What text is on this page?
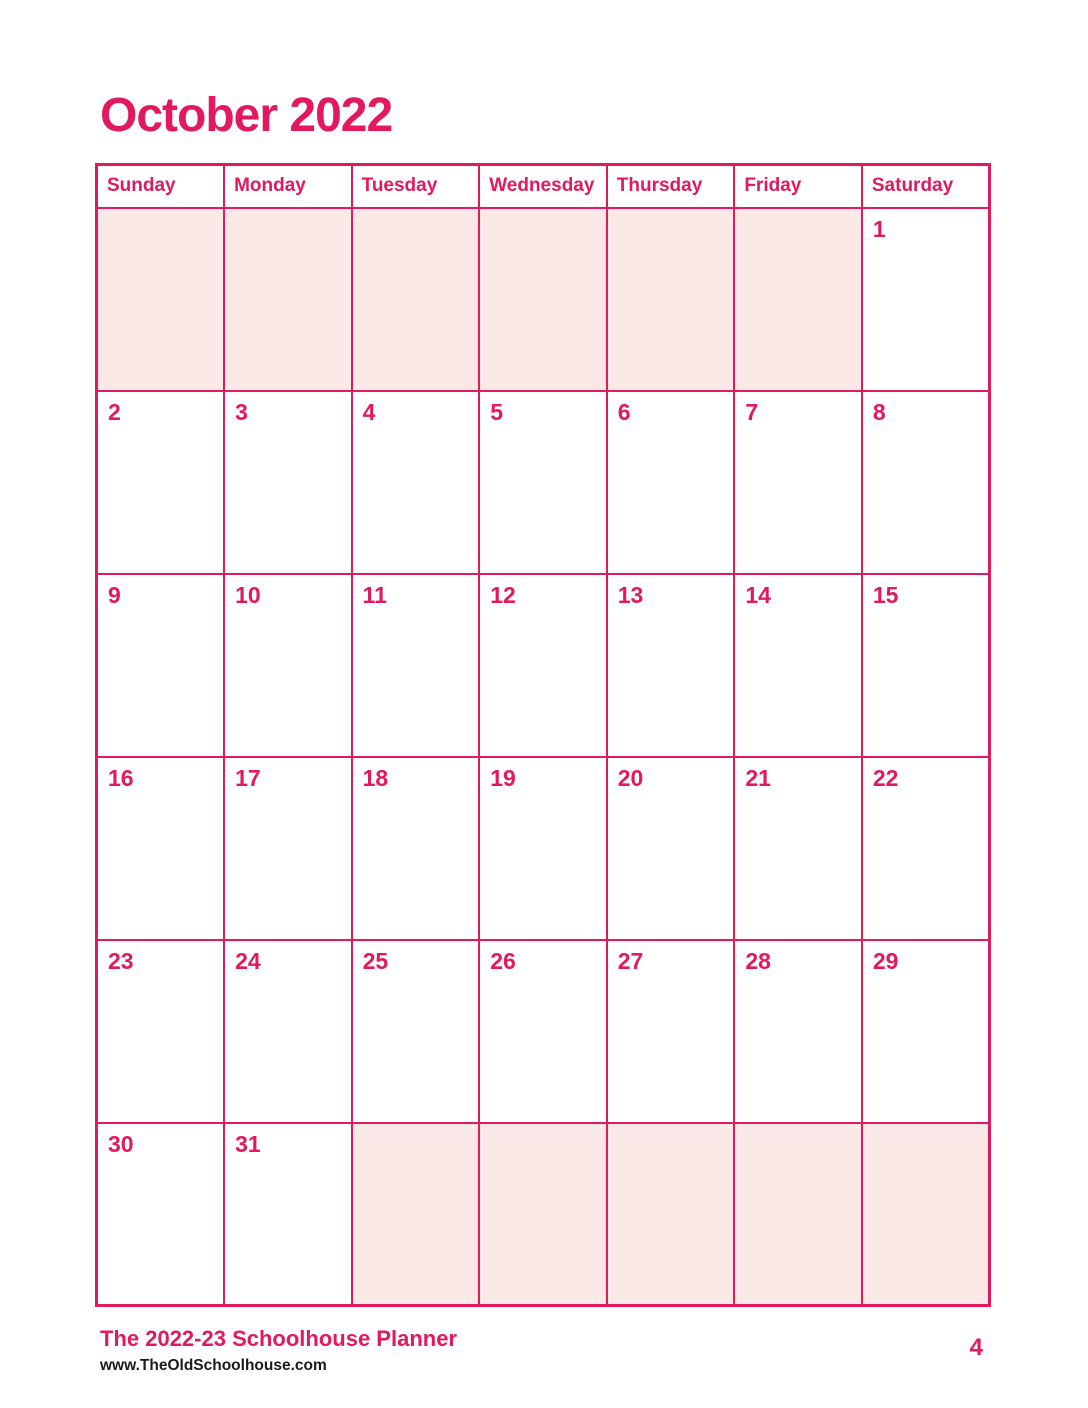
October 2022
Sunday	Monday	Tuesday	Wednesday	Thursday	Friday	Saturday
						1
2	3	4	5	6	7	8
9	10	11	12	13	14	15
16	17	18	19	20	21	22
23	24	25	26	27	28	29
30	31					
The 2022-23 Schoolhouse Planner
www.TheOldSchoolhouse.com
4
